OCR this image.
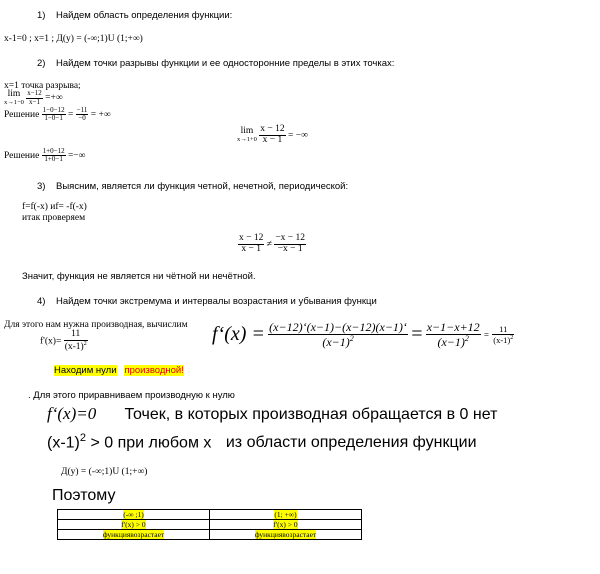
1) Найдем область определения функции:
x-1=0 ; x=1 ; Д(y) = (-∞;1)U (1;+∞)
2) Найдем точки разрывы функции и ее односторонние пределы в этих точках:
x=1 точка разрыва;
lim
x→1−0
$\frac{x-12}{x-1}$ =+∞
Решение $\frac{1-0-12}{1-0-1} = \frac{-11}{-0}$ = +∞
lim
x→1+0
$\frac{x - 12}{x - 1}$ = −∞
Решение $\frac{1+0-12}{1+0-1}$ =−∞
3) Выясним, является ли функция четной, нечетной, периодической:
f=f(-x) иf= -f(-x)
итак проверяем
$\frac{x - 12}{x - 1} \ne \frac{-x - 12}{-x - 1}$
Значит, функция не является ни чётной ни нечётной.
4) Найдем точки экстремума и интервалы возрастания и убывания функци
Для этого нам нужна производная, вычислим
$f'(x)= \frac{11}{(x-1)^2}$	f‘(x) = $\frac{(x-12)‘(x-1)-(x-12)(x-1)‘}{(x-1)^2} = \frac{x-1-x+12}{(x-1)^2} = \frac{11}{(x-1)^2}$
Находим нули производной!
. Для этого приравниваем производную к нулю
f‘(x)=0 Точек, в которых производная обращается в 0 нет
$(x-1)^2 > 0$ при любом х из области определения функции
Д(y) = (-∞;1)U (1;+∞)
Поэтому
(-∞ ;1)	(1; +∞)
f'(x) > 0	f'(x) > 0
функциявозрастает	функциявозрастает
